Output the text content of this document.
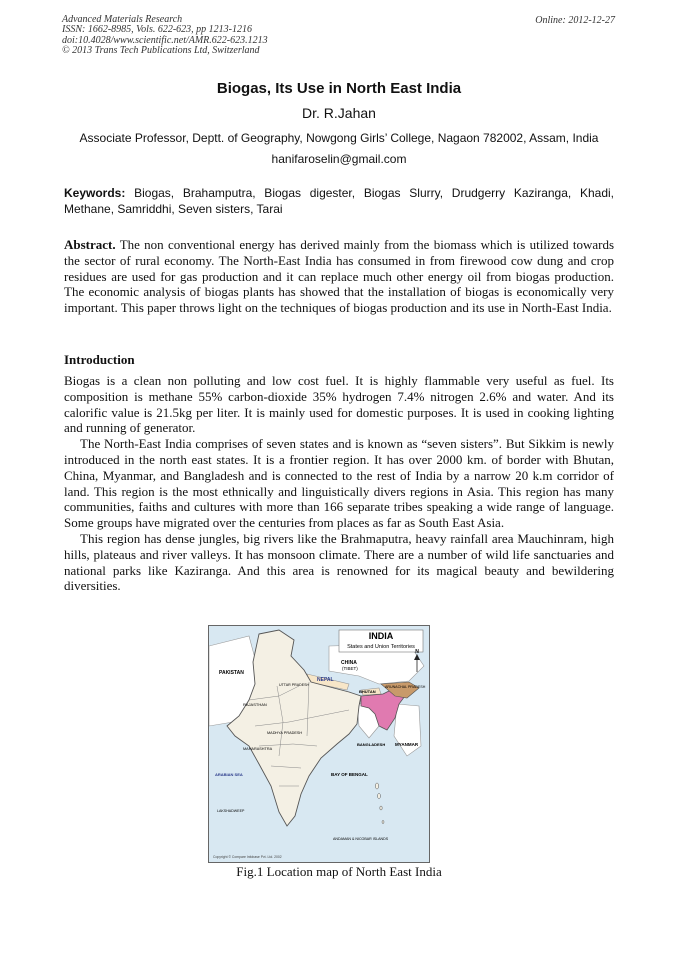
Advanced Materials Research
ISSN: 1662-8985, Vols. 622-623, pp 1213-1216
doi:10.4028/www.scientific.net/AMR.622-623.1213
© 2013 Trans Tech Publications Ltd, Switzerland
Online: 2012-12-27
Biogas, Its Use in North East India
Dr. R.Jahan
Associate Professor, Deptt. of Geography, Nowgong Girls’ College, Nagaon 782002, Assam, India
hanifaroselin@gmail.com
Keywords: Biogas, Brahamputra, Biogas digester, Biogas Slurry, Drudgerry Kaziranga, Khadi, Methane, Samriddhi, Seven sisters, Tarai
Abstract. The non conventional energy has derived mainly from the biomass which is utilized towards the sector of rural economy. The North-East India has consumed in from firewood cow dung and crop residues are used for gas production and it can replace much other energy oil from biogas production. The economic analysis of biogas plants has showed that the installation of biogas is economically very important. This paper throws light on the techniques of biogas production and its use in North-East India.
Introduction

Biogas is a clean non polluting and low cost fuel. It is highly flammable very useful as fuel. Its composition is methane 55% carbon-dioxide 35% hydrogen 7.4% nitrogen 2.6% and water. And its calorific value is 21.5kg per liter. It is mainly used for domestic purposes. It is used in cooking lighting and running of generator.

The North-East India comprises of seven states and is known as “seven sisters”. But Sikkim is newly introduced in the north east states. It is a frontier region. It has over 2000 km. of border with Bhutan, China, Myanmar, and Bangladesh and is connected to the rest of India by a narrow 20 k.m corridor of land. This region is the most ethnically and linguistically divers regions in Asia. This region has many communities, faiths and cultures with more than 166 separate tribes speaking a wide range of language. Some groups have migrated over the centuries from places as far as South East Asia.

This region has dense jungles, big rivers like the Brahmaputra, heavy rainfall area Mauchinram, high hills, plateaus and river valleys. It has monsoon climate. There are a number of wild life sanctuaries and national parks like Kaziranga. And this area is renowned for its magical beauty and bewildering diversities.

INDIA
States and Union Territories
PAKISTAN
CHINA
(TIBET)
NEPAL
BHUTAN
ARUNACHAL PRADESH
BANGLADESH MYANMAR
BAY OF BENGAL
ARABIAN SEA
ANDAMAN & NICOBAR ISLANDS
RAJASTHAN
UTTAR PRADESH
MADHYA PRADESH
MAHARASHTRA
LAKSHADWEEP
N
Copyright © Compare Infobase Pvt. Ltd. 2002
Fig.1 Location map of North East India
